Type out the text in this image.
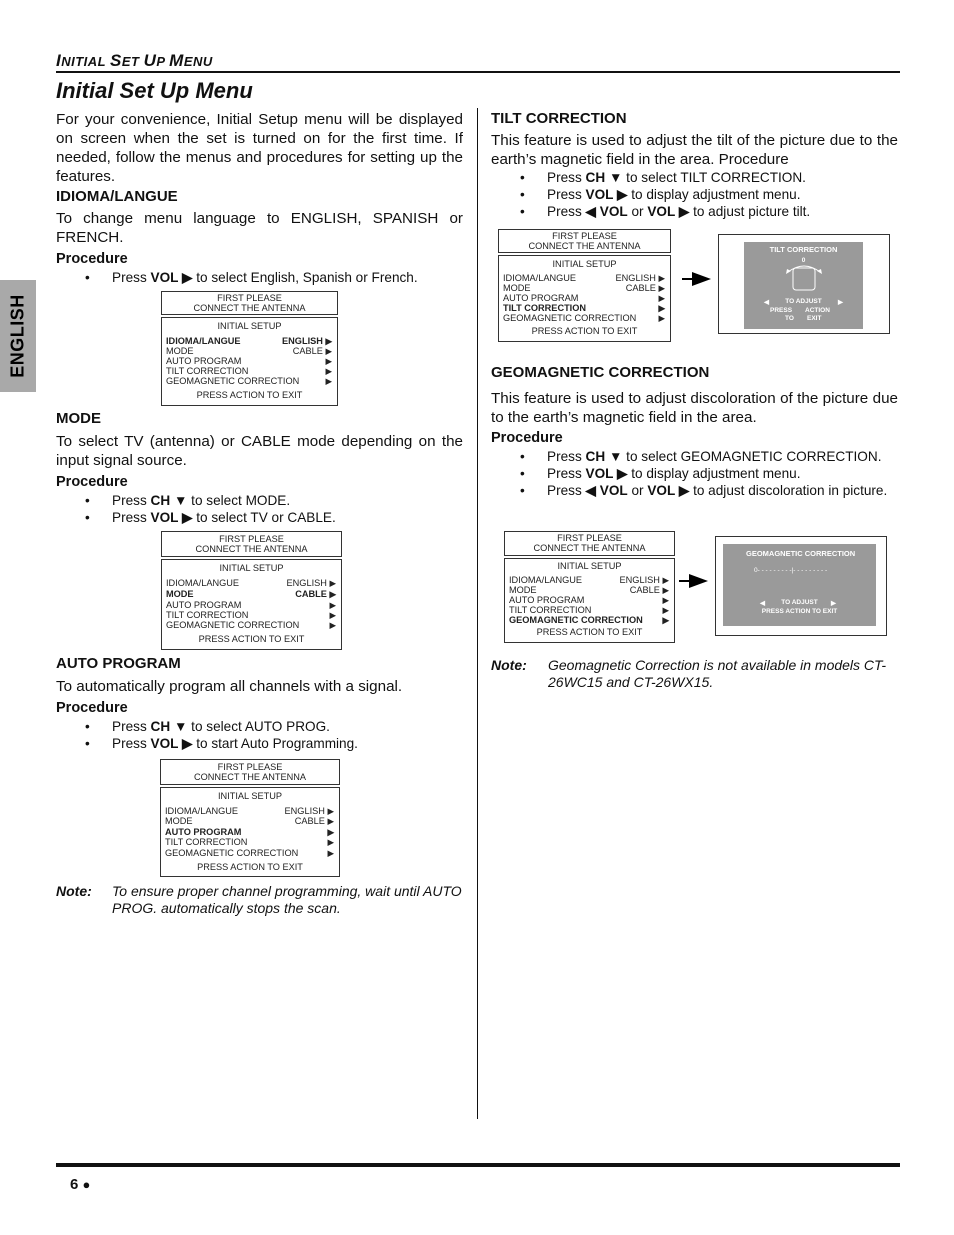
INITIAL SET UP MENU
Initial Set Up Menu
ENGLISH
For your convenience, Initial Setup menu will be displayed on screen when the set is turned on for the first time. If needed, follow the menus and procedures for setting up the features.
IDIOMA/LANGUE
To change menu language to ENGLISH, SPANISH or FRENCH.
Procedure
• Press VOL ▶ to select English, Spanish or French.
FIRST PLEASE
CONNECT THE ANTENNA
INITIAL SETUP
IDIOMA/LANGUE	ENGLISH ▶
MODE	CABLE ▶
AUTO PROGRAM	▶
TILT CORRECTION	▶
GEOMAGNETIC CORRECTION	▶
PRESS ACTION TO EXIT
MODE
To select TV (antenna) or CABLE mode depending on the input signal source.
Procedure
• Press CH ▼ to select MODE.
• Press VOL ▶ to select TV or CABLE.
FIRST PLEASE
CONNECT THE ANTENNA
INITIAL SETUP
IDIOMA/LANGUE	ENGLISH ▶
MODE	CABLE ▶
AUTO PROGRAM	▶
TILT CORRECTION	▶
GEOMAGNETIC CORRECTION	▶
PRESS ACTION TO EXIT
AUTO PROGRAM
To automatically program all channels with a signal.
Procedure
• Press CH ▼ to select AUTO PROG.
• Press VOL ▶ to start Auto Programming.
FIRST PLEASE
CONNECT THE ANTENNA
INITIAL SETUP
IDIOMA/LANGUE	ENGLISH ▶
MODE	CABLE ▶
AUTO PROGRAM	▶
TILT CORRECTION	▶
GEOMAGNETIC CORRECTION	▶
PRESS ACTION TO EXIT
Note: To ensure proper channel programming, wait until AUTO PROG. automatically stops the scan.
TILT CORRECTION
This feature is used to adjust the tilt of the picture due to the earth’s magnetic field in the area. Procedure
• Press CH ▼ to select TILT CORRECTION.
• Press VOL ▶ to display adjustment menu.
• Press ◀ VOL or VOL ▶ to adjust picture tilt.
FIRST PLEASE
CONNECT THE ANTENNA
INITIAL SETUP
IDIOMA/LANGUE	ENGLISH ▶
MODE	CABLE ▶
AUTO PROGRAM	▶
TILT CORRECTION	▶
GEOMAGNETIC CORRECTION	▶
PRESS ACTION TO EXIT
TILT CORRECTION
0
◀	TO ADJUST	▶
PRESS ACTION
TO EXIT
GEOMAGNETIC CORRECTION
This feature is used to adjust discoloration of the picture due to the earth’s magnetic field in the area.
Procedure
• Press CH ▼ to select GEOMAGNETIC CORRECTION.
• Press VOL ▶ to display adjustment menu.
• Press ◀ VOL or VOL ▶ to adjust discoloration in picture.
FIRST PLEASE
CONNECT THE ANTENNA
INITIAL SETUP
IDIOMA/LANGUE	ENGLISH ▶
MODE	CABLE ▶
AUTO PROGRAM	▶
TILT CORRECTION	▶
GEOMAGNETIC CORRECTION ▶
PRESS ACTION TO EXIT
GEOMAGNETIC CORRECTION
0- - - - - - - - -|- - - - - - - - -
◀	TO ADJUST	▶
PRESS ACTION TO EXIT
Note: Geomagnetic Correction is not available in models CT-26WC15 and CT-26WX15.
6 ●
